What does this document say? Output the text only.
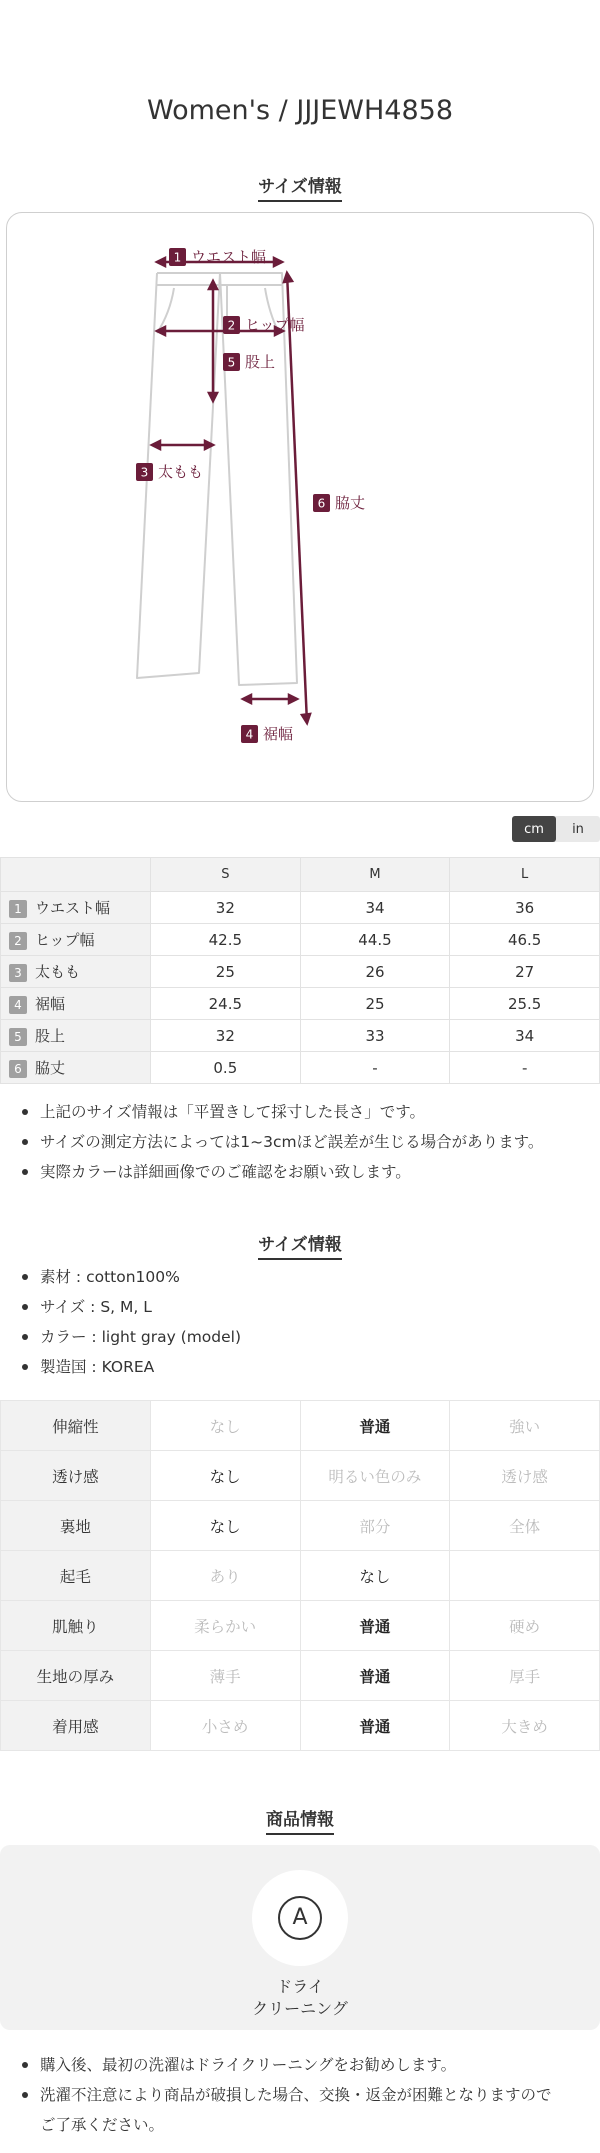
Women's / JJJEWH4858
サイズ情報
1 ウエスト幅
2 ヒップ幅
5 股上
3 太もも
6 脇丈
4 裾幅
cm	in
	S	M	L
1 ウエスト幅	32	34	36
2 ヒップ幅	42.5	44.5	46.5
3 太もも	25	26	27
4 裾幅	24.5	25	25.5
5 股上	32	33	34
6 脇丈	0.5	-	-
上記のサイズ情報は「平置きして採寸した長さ」です。
サイズの測定方法によっては1~3cmほど誤差が生じる場合があります。
実際カラーは詳細画像でのご確認をお願い致します。
サイズ情報
素材 : cotton100%
サイズ : S, M, L
カラー : light gray (model)
製造国 : KOREA
伸縮性	なし	普通	強い
透け感	なし	明るい色のみ	透け感
裏地	なし	部分	全体
起毛	あり	なし	
肌触り	柔らかい	普通	硬め
生地の厚み	薄手	普通	厚手
着用感	小さめ	普通	大きめ
商品情報
A
ドライ
クリーニング
購入後、最初の洗濯はドライクリーニングをお勧めします。
洗濯不注意により商品が破損した場合、交換・返金が困難となりますので
ご了承ください。
